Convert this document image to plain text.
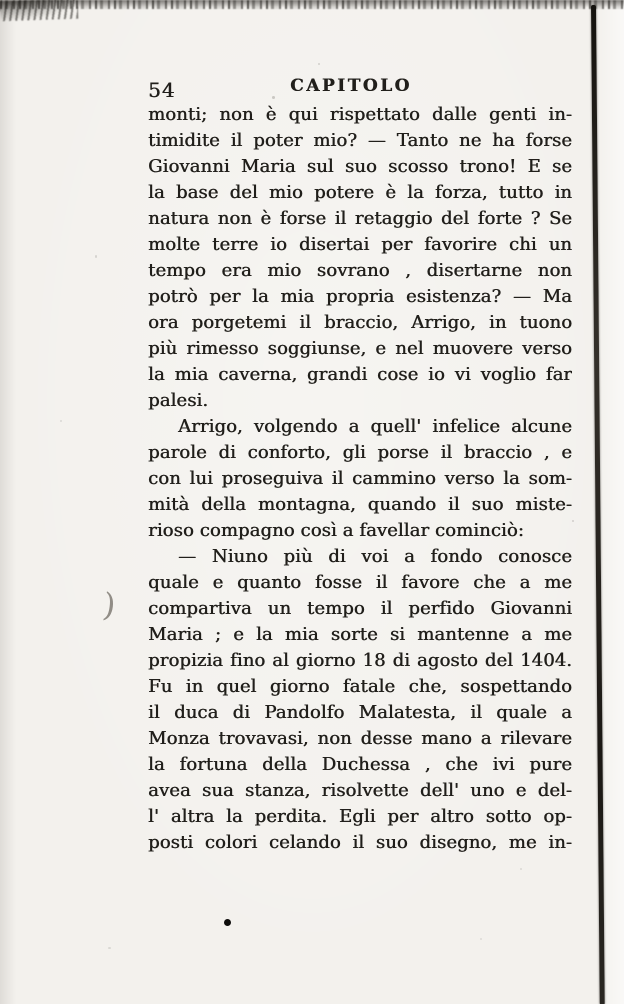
54	CAPITOLO
monti; non è qui rispettato dalle genti in-
timidite il poter mio? — Tanto ne ha forse
Giovanni Maria sul suo scosso trono! E se
la base del mio potere è la forza, tutto in
natura non è forse il retaggio del forte ? Se
molte terre io disertai per favorire chi un
tempo era mio sovrano , disertarne non
potrò per la mia propria esistenza? — Ma
ora porgetemi il braccio, Arrigo, in tuono
più rimesso soggiunse, e nel muovere verso
la mia caverna, grandi cose io vi voglio far
palesi.
Arrigo, volgendo a quell' infelice alcune
parole di conforto, gli porse il braccio , e
con lui proseguiva il cammino verso la som-
mità della montagna, quando il suo miste-
rioso compagno così a favellar cominciò:
— Niuno più di voi a fondo conosce
quale e quanto fosse il favore che a me
compartiva un tempo il perfido Giovanni
Maria ; e la mia sorte si mantenne a me
propizia fino al giorno 18 di agosto del 1404.
Fu in quel giorno fatale che, sospettando
il duca di Pandolfo Malatesta, il quale a
Monza trovavasi, non desse mano a rilevare
la fortuna della Duchessa , che ivi pure
avea sua stanza, risolvette dell' uno e del-
l' altra la perdita. Egli per altro sotto op-
posti colori celando il suo disegno, me in-
)
